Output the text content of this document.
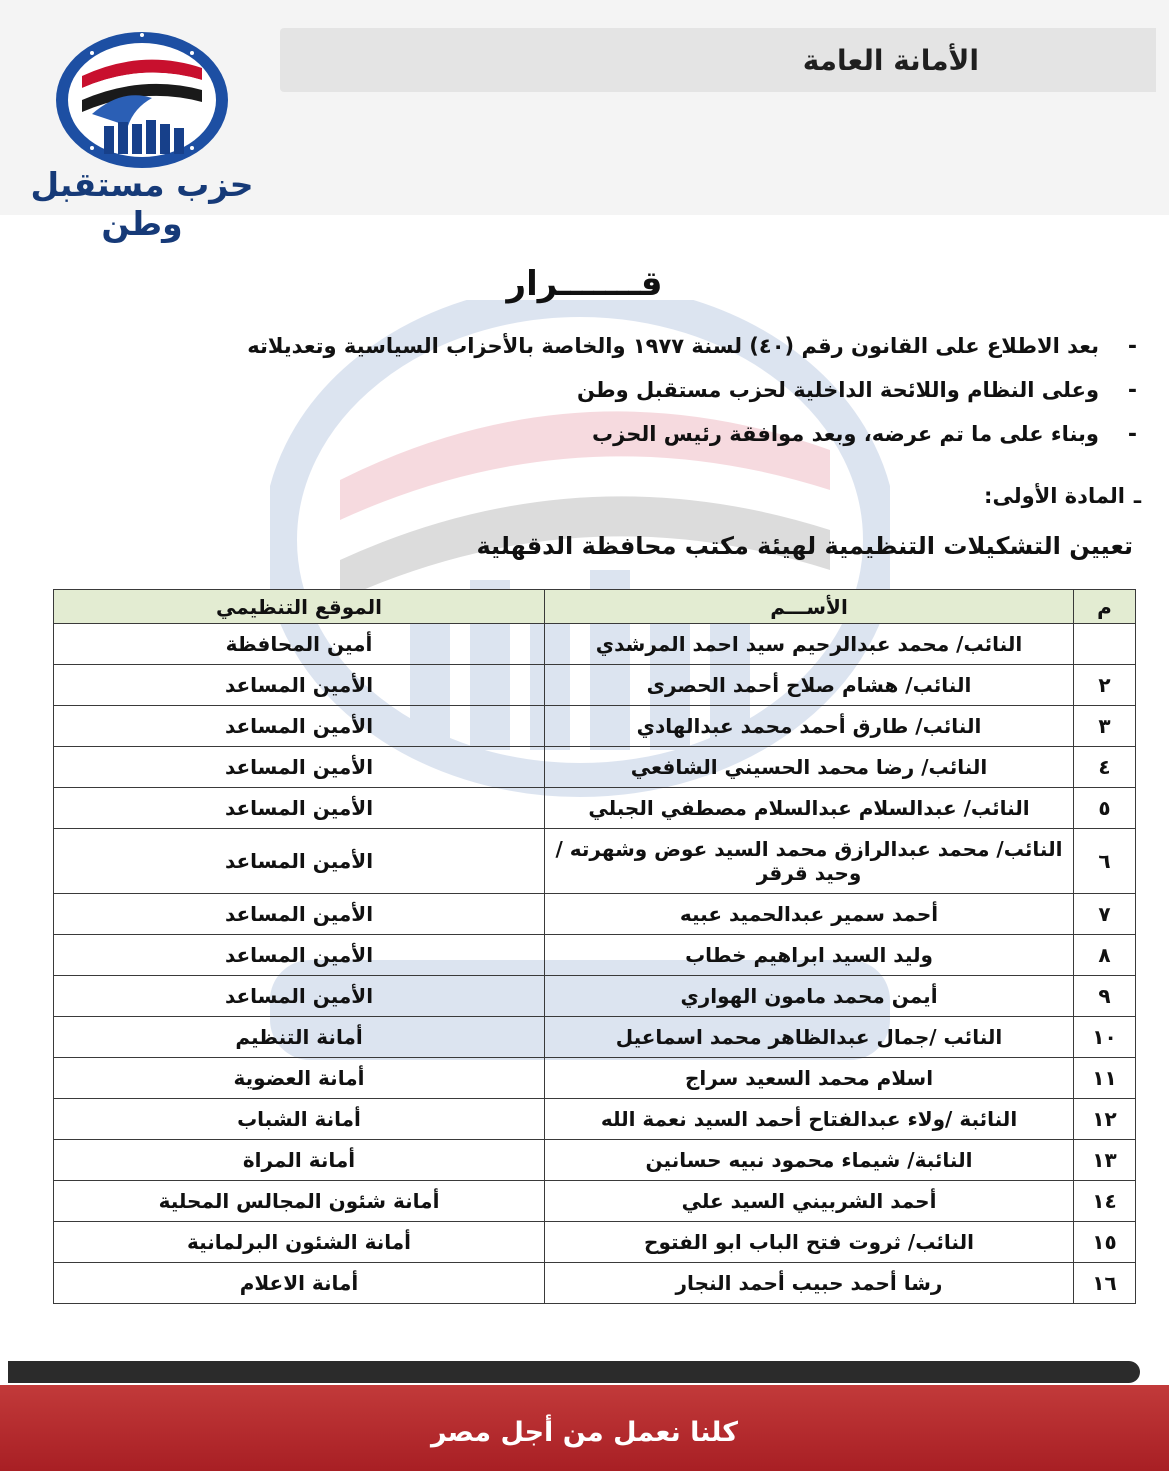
الأمانة العامة
حزب مستقبل وطن
قـــــــرار
-
بعد الاطلاع على القانون رقم (٤٠) لسنة ١٩٧٧ والخاصة بالأحزاب السياسية وتعديلاته
-
وعلى النظام واللائحة الداخلية لحزب مستقبل وطن
-
وبناء على ما تم عرضه، وبعد موافقة رئيس الحزب
ـ
المادة الأولى:
تعيين التشكيلات التنظيمية لهيئة مكتب محافظة الدقهلية
م	الأســـم	الموقع التنظيمي
	النائب/ محمد عبدالرحيم سيد احمد المرشدي	أمين المحافظة
٢	النائب/ هشام صلاح أحمد الحصرى	الأمين المساعد
٣	النائب/ طارق أحمد محمد عبدالهادي	الأمين المساعد
٤	النائب/ رضا محمد الحسيني الشافعي	الأمين المساعد
٥	النائب/ عبدالسلام عبدالسلام مصطفي الجبلي	الأمين المساعد
٦	النائب/ محمد عبدالرازق محمد السيد عوض وشهرته /وحيد قرقر	الأمين المساعد
٧	أحمد سمير عبدالحميد عبيه	الأمين المساعد
٨	وليد السيد ابراهيم خطاب	الأمين المساعد
٩	أيمن محمد مامون الهواري	الأمين المساعد
١٠	النائب /جمال عبدالظاهر محمد اسماعيل	أمانة التنظيم
١١	اسلام محمد السعيد سراج	أمانة العضوية
١٢	النائبة /ولاء عبدالفتاح أحمد السيد نعمة الله	أمانة الشباب
١٣	النائبة/ شيماء محمود نبيه حسانين	أمانة المراة
١٤	أحمد الشربيني السيد علي	أمانة شئون المجالس المحلية
١٥	النائب/ ثروت فتح الباب ابو الفتوح	أمانة الشئون البرلمانية
١٦	رشا أحمد حبيب أحمد النجار	أمانة الاعلام
كلنا نعمل من أجل مصر
